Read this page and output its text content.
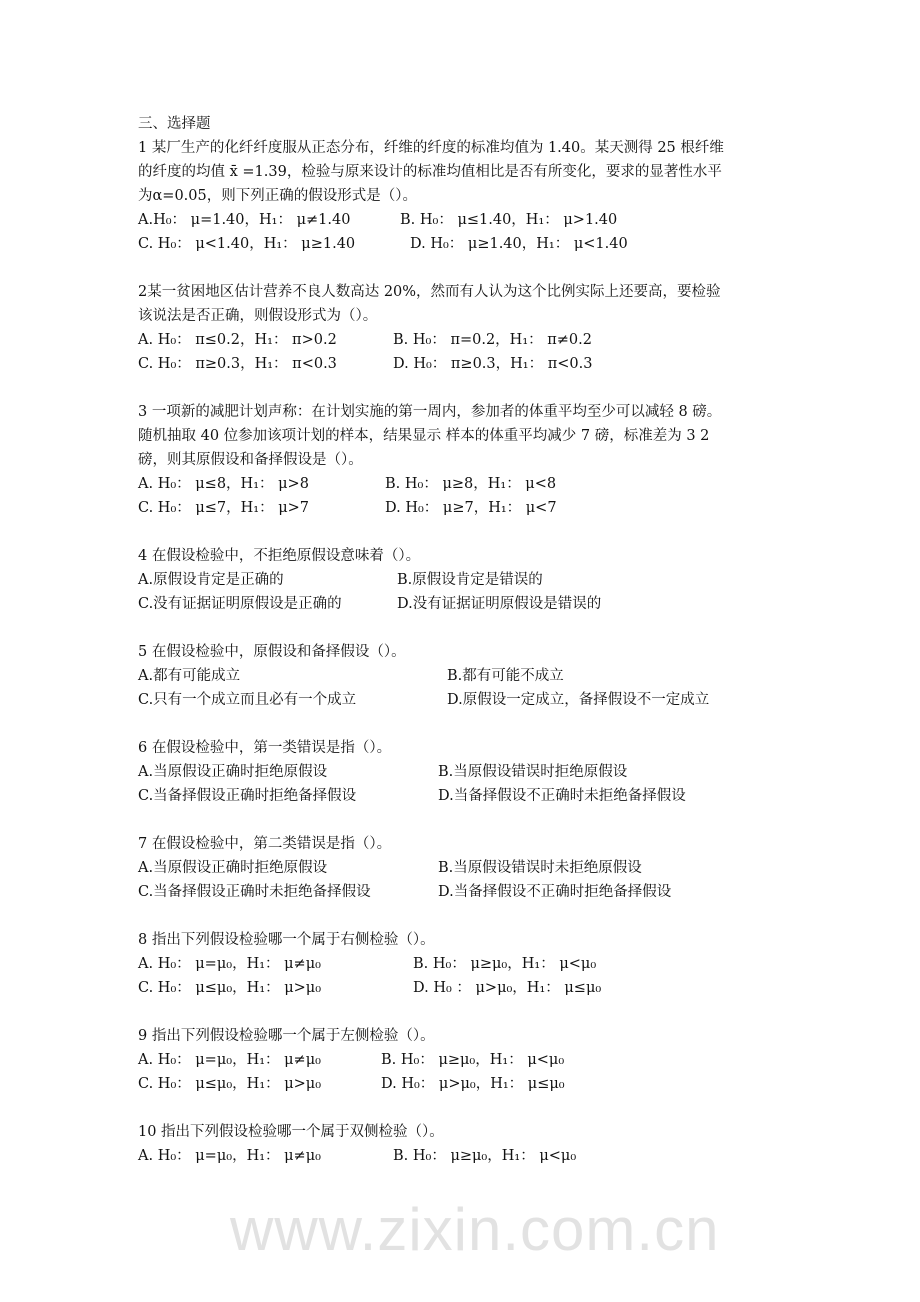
www.zixin.com.cn
三、选择题
1 某厂生产的化纤纤度服从正态分布，纤维的纤度的标准均值为 1.40。某天测得 25 根纤维
的纤度的均值 x̄ =1.39，检验与原来设计的标准均值相比是否有所变化，要求的显著性水平
为α=0.05，则下列正确的假设形式是（）。
A.H₀： μ=1.40，H₁： μ≠1.40	B. H₀： μ≤1.40，H₁： μ>1.40
C. H₀： μ<1.40，H₁： μ≥1.40	D. H₀： μ≥1.40，H₁： μ<1.40
2某一贫困地区估计营养不良人数高达 20%，然而有人认为这个比例实际上还要高，要检验
该说法是否正确，则假设形式为（）。
A. H₀： π≤0.2，H₁： π>0.2	B. H₀： π=0.2，H₁： π≠0.2
C. H₀： π≥0.3，H₁： π<0.3	D. H₀： π≥0.3，H₁： π<0.3
3 一项新的减肥计划声称：在计划实施的第一周内，参加者的体重平均至少可以减轻 8 磅。
随机抽取 40 位参加该项计划的样本，结果显示 样本的体重平均减少 7 磅，标准差为 3 2
磅，则其原假设和备择假设是（）。
A. H₀： μ≤8，H₁： μ>8	B. H₀： μ≥8，H₁： μ<8
C. H₀： μ≤7，H₁： μ>7	D. H₀： μ≥7，H₁： μ<7
4 在假设检验中，不拒绝原假设意味着（）。
A.原假设肯定是正确的	B.原假设肯定是错误的
C.没有证据证明原假设是正确的	D.没有证据证明原假设是错误的
5 在假设检验中，原假设和备择假设（）。
A.都有可能成立	B.都有可能不成立
C.只有一个成立而且必有一个成立	D.原假设一定成立，备择假设不一定成立
6 在假设检验中，第一类错误是指（）。
A.当原假设正确时拒绝原假设	B.当原假设错误时拒绝原假设
C.当备择假设正确时拒绝备择假设	D.当备择假设不正确时未拒绝备择假设
7 在假设检验中，第二类错误是指（）。
A.当原假设正确时拒绝原假设	B.当原假设错误时未拒绝原假设
C.当备择假设正确时未拒绝备择假设	D.当备择假设不正确时拒绝备择假设
8 指出下列假设检验哪一个属于右侧检验（）。
A. H₀： μ=μ₀，H₁： μ≠μ₀	B. H₀： μ≥μ₀，H₁： μ<μ₀
C. H₀： μ≤μ₀，H₁： μ>μ₀	D. H₀ ： μ>μ₀，H₁： μ≤μ₀
9 指出下列假设检验哪一个属于左侧检验（）。
A. H₀： μ=μ₀，H₁： μ≠μ₀	B. H₀： μ≥μ₀，H₁： μ<μ₀
C. H₀： μ≤μ₀，H₁： μ>μ₀	D. H₀： μ>μ₀，H₁： μ≤μ₀
10 指出下列假设检验哪一个属于双侧检验（）。
A. H₀： μ=μ₀，H₁： μ≠μ₀	B. H₀： μ≥μ₀，H₁： μ<μ₀
